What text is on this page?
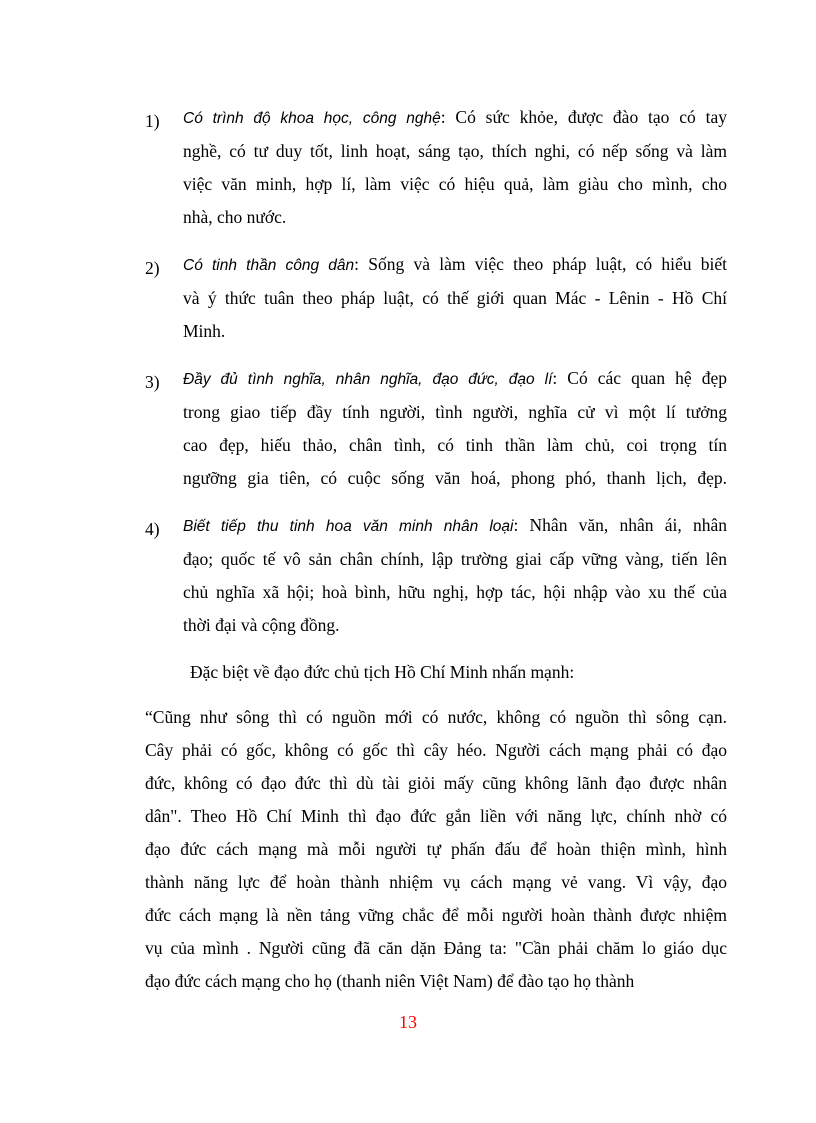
1)	Có trình độ khoa học, công nghệ: Có sức khỏe, được đào tạo có tay
nghề, có tư duy tốt, linh hoạt, sáng tạo, thích nghi, có nếp sống và làm
việc văn minh, hợp lí, làm việc có hiệu quả, làm giàu cho mình, cho
nhà, cho nước.
2)	Có tinh thần công dân: Sống và làm việc theo pháp luật, có hiểu biết
và ý thức tuân theo pháp luật, có thế giới quan Mác - Lênin - Hồ Chí
Minh.
3)	Đầy đủ tình nghĩa, nhân nghĩa, đạo đức, đạo lí: Có các quan hệ đẹp
trong giao tiếp đầy tính người, tình người, nghĩa cử vì một lí tưởng
cao đẹp, hiếu thảo, chân tình, có tinh thần làm chủ, coi trọng tín
ngưỡng gia tiên, có cuộc sống văn hoá, phong phó, thanh lịch, đẹp.
4)	Biết tiếp thu tinh hoa văn minh nhân loại: Nhân văn, nhân ái, nhân
đạo; quốc tế vô sản chân chính, lập trường giai cấp vững vàng, tiến lên
chủ nghĩa xã hội; hoà bình, hữu nghị, hợp tác, hội nhập vào xu thế của
thời đại và cộng đồng.
Đặc biệt về đạo đức chủ tịch Hồ Chí Minh nhấn mạnh:
“Cũng như sông thì có nguồn mới có nước, không có nguồn thì sông cạn.
Cây phải có gốc, không có gốc thì cây héo. Người cách mạng phải có đạo
đức, không có đạo đức thì dù tài giỏi mấy cũng không lãnh đạo được nhân
dân". Theo Hồ Chí Minh thì đạo đức gắn liền với năng lực, chính nhờ có
đạo đức cách mạng mà mỗi người tự phấn đấu để hoàn thiện mình, hình
thành năng lực để hoàn thành nhiệm vụ cách mạng vẻ vang. Vì vậy, đạo
đức cách mạng là nền tảng vững chắc để mỗi người hoàn thành được nhiệm
vụ của mình . Người cũng đã căn dặn Đảng ta: "Cần phải chăm lo giáo dục
đạo đức cách mạng cho họ (thanh niên Việt Nam) để đào tạo họ thành
13
